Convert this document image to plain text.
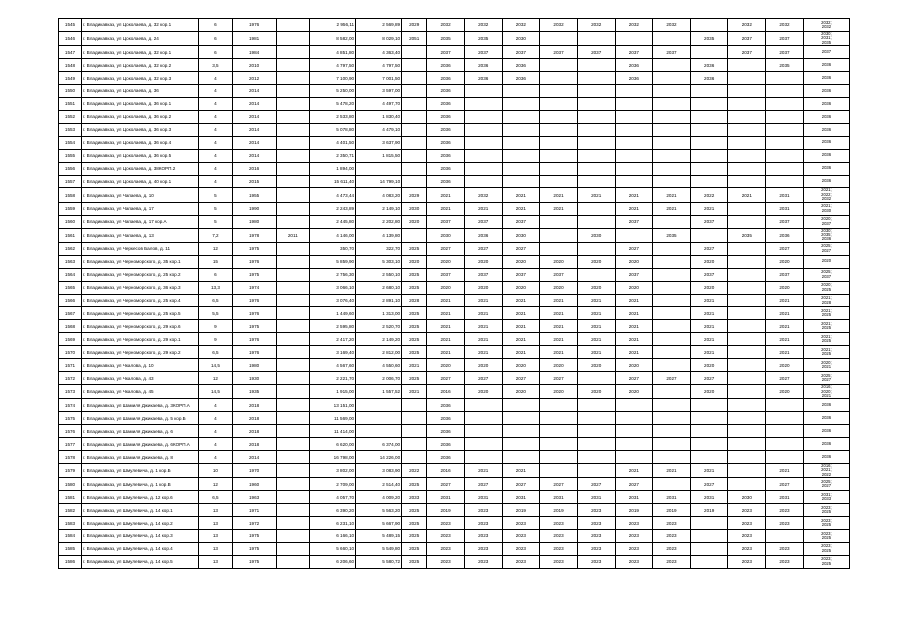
1545	г. Владикавказ, ул Цоколаева, д. 32 кор.1	6	1976		2 956,11	2 569,89	2029	2032	2032	2032	2032	2032	2032	2032		2032	2032	2032;
2032
1546	г. Владикавказ, ул Цоколаева, д. 24	6	1981		8 582,00	8 029,10	2051	2035	2035	2030					2035	2037	2037	2030;
2031;
2035
1547	г. Владикавказ, ул Цоколаева, д. 32 кор.1	6	1984		4 851,80	4 363,40		2037	2037	2037	2037	2037	2037	2037		2037	2037	2037
1548	г. Владикавказ, ул Цоколаева, д. 32 кор.2	3,5	2010		4 797,50	4 797,50		2036	2036	2036			2036		2036		2035	2036
1549	г. Владикавказ, ул Цоколаева, д. 32 кор.3	4	2012		7 100,90	7 001,50		2036	2036	2036			2036		2036			2036
1550	г. Владикавказ, ул Цоколаева, д. 36	4	2014		5 250,00	3 597,00		2036										2036
1551	г. Владикавказ, ул Цоколаева, д. 36 кор.1	4	2014		5 478,20	4 497,70		2036										2036
1552	г. Владикавказ, ул Цоколаева, д. 36 кор.2	4	2014		2 533,80	1 830,40		2036										2036
1553	г. Владикавказ, ул Цоколаева, д. 36 кор.3	4	2014		5 078,80	4 479,10		2036										2036
1554	г. Владикавказ, ул Цоколаева, д. 36 кор.4	4	2014		4 401,50	3 637,90		2036										2036
1555	г. Владикавказ, ул Цоколаева, д. 36 кор.5	4	2014		2 350,71	1 815,50		2036										2036
1556	г. Владикавказ, ул Цоколаева, д. 38КОРП.2	4	2016		1 894,00			2036										2036
1557	г. Владикавказ, ул Цоколаева, д. 40 кор.1	4	2015		15 611,40	14 799,10		2036										2036
1558	г. Владикавказ, ул Чапаева, д. 10	5	1955		4 473,44	4 083,20	2029	2021	2032	2021	2021	2021	2021	2021	2022	2021	2031	2021;
2022;
2032
1559	г. Владикавказ, ул Чапаева, д. 17	5	1990		2 243,89	2 149,10	2030	2021	2021	2021	2021		2021	2021	2021		2031	2021;
2030
1560	г. Владикавказ, ул Чапаева, д. 17 кор.А	5	1980		2 445,80	2 202,80	2020	2037	2037	2037			2037		2037		2037	2020;
2037
1561	г. Владикавказ, ул Чапаева, д. 13	7,2	1978	2011	4 146,00	4 139,80		2030	2036	2030		2030		2035		2035	2036	2030;
2035;
2036
1562	г. Владикавказ, ул Черкесов Балов, д. 11	12	1975		350,70	322,70	2025	2027	2027	2027			2027		2027		2027	2025;
2027
1563	г. Владикавказ, ул Черноморского, д. 35 кор.1	15	1976		5 859,90	5 303,10	2020	2020	2020	2020	2020	2020	2020		2020		2020	2020
1564	г. Владикавказ, ул Черноморского, д. 25 кор.2	6	1975		2 756,30	2 550,10	2025	2037	2037	2037	2037		2037		2037		2037	2025;
2037
1565	г. Владикавказ, ул Черноморского, д. 36 кор.3	13,3	1974		3 066,10	2 680,10	2025	2020	2020	2020	2020	2020	2020		2020		2020	2020;
2025
1566	г. Владикавказ, ул Черноморского, д. 25 кор.4	6,5	1976		3 076,40	2 891,10	2028	2021	2021	2021	2021	2021	2021		2021		2021	2021;
2028
1567	г. Владикавказ, ул Черноморского, д. 25 кор.5	5,5	1976		1 449,60	1 313,00	2025	2021	2021	2021	2021	2021	2021		2021		2021	2021;
2025
1568	г. Владикавказ, ул Черноморского, д. 29 кор.6	9	1975		2 595,80	2 520,70	2025	2021	2021	2021	2021	2021	2021		2021		2021	2021;
2025
1569	г. Владикавказ, ул Черноморского, д. 29 кор.1	9	1976		2 417,20	2 149,20	2025	2021	2021	2021	2021	2021	2021		2021		2021	2021;
2025
1570	г. Владикавказ, ул Черноморского, д. 29 кор.2	6,5	1976		3 169,40	2 812,00	2025	2021	2021	2021	2021	2021	2021		2021		2021	2021;
2025
1571	г. Владикавказ, ул Чкалова, д. 10	14,5	1980		4 567,60	4 550,60	2021	2020	2020	2020	2020	2020	2020		2020		2020	2020;
2021
1572	г. Владикавказ, ул Чкалова, д. 43	12	1930		2 221,70	2 006,70	2025	2027	2027	2027	2027		2027	2027	2027		2027	2025;
2027
1573	г. Владикавказ, ул Чкалова, д. 45	14,5	1935		1 915,00	1 557,52	2021	2016	2020	2020	2020	2020	2020		2020		2020	2016;
2020;
2021
1574	г. Владикавказ, ул Шамиля Джикаева, д. 3КОРП.А	4	2018		13 151,00			2036										2036
1575	г. Владикавказ, ул Шамиля Джикаева, д. 5 кор.Б	4	2018		11 569,00			2036										2036
1576	г. Владикавказ, ул Шамиля Джикаева, д. 6	4	2018		11 414,00			2036										2036
1577	г. Владикавказ, ул Шамиля Джикаева, д. 6КОРП.А	4	2018		6 620,00	6 374,00		2036										2036
1578	г. Владикавказ, ул Шамиля Джикаева, д. 8	4	2014		16 798,00	14 226,00		2036										2036
1579	г. Владикавказ, ул Шмулевича, д. 1 кор.Б	10	1970		3 802,00	3 083,90	2022	2016	2021	2021			2021	2021	2021		2021	2016;
2021;
2022
1580	г. Владикавказ, ул Шмулевича, д. 1 кор.В	12	1960		2 709,00	2 514,40	2025	2027	2027	2027	2027	2027	2027		2027		2027	2025;
2027
1581	г. Владикавказ, ул Шмулевича, д. 12 кор.6	6,5	1963		4 057,70	4 009,20	2033	2031	2031	2031	2031	2031	2031	2031	2031	2030	2031	2031;
2033
1582	г. Владикавказ, ул Шмулевича, д. 14 кор.1	13	1971		6 390,20	5 563,20	2025	2019	2023	2019	2019	2023	2019	2019	2019	2023	2023	2023;
2025
1583	г. Владикавказ, ул Шмулевича, д. 14 кор.2	13	1972		6 231,10	5 667,90	2025	2023	2023	2023	2023	2023	2023	2023		2023	2023	2023;
2025
1584	г. Владикавказ, ул Шмулевича, д. 14 кор.3	13	1975		6 166,10	5 489,15	2025	2023	2023	2023	2023	2023	2023	2023		2023		2023;
2025
1585	г. Владикавказ, ул Шмулевича, д. 14 кор.4	13	1975		5 660,10	5 549,80	2025	2023	2023	2023	2023	2023	2023	2023		2023	2023	2023;
2025
1586	г. Владикавказ, ул Шмулевича, д. 14 кор.5	13	1975		6 206,60	5 580,72	2025	2023	2023	2023	2023	2023	2023	2023		2023	2023	2023;
2025
